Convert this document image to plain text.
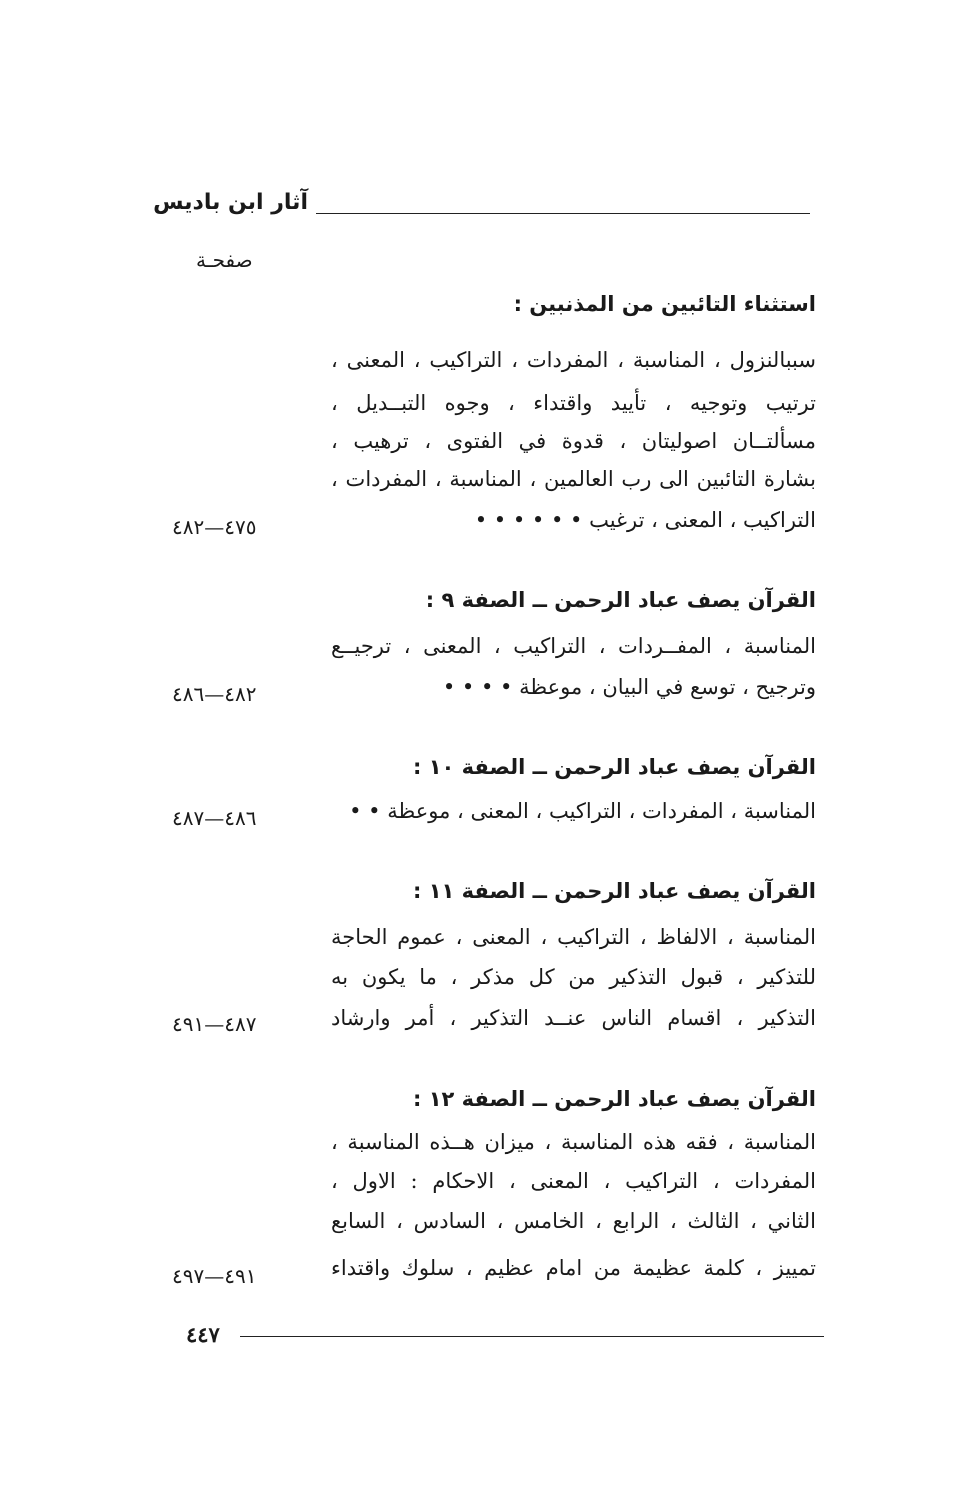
آثار ابن باديس
صفحـة
استثناء التائبين من المذنبين :
سببالنزول ، المناسبة ، المفردات ، التراكيب ، المعنى ،
ترتيب وتوجيه ، تأييد واقتداء ، وجوه التبــديل ،
مسألتــان اصوليتان ، قدوة في الفتوى ، ترهيب ،
بشارة التائبين الى رب العالمين ، المناسبة ، المفردات ،
التراكيب ، المعنى ، ترغيب • • • • • •
٤٧٥—٤٨٢
القرآن يصف عباد الرحمن ــ الصفة ٩ :
المناسبة ، المفــردات ، التراكيب ، المعنى ، ترجيــع
وترجيح ، توسع في البيان ، موعظة • • • •
٤٨٢—٤٨٦
القرآن يصف عباد الرحمن ــ الصفة ١٠ :
المناسبة ، المفردات ، التراكيب ، المعنى ، موعظة • •
٤٨٦—٤٨٧
القرآن يصف عباد الرحمن ــ الصفة ١١ :
المناسبة ، الالفاظ ، التراكيب ، المعنى ، عموم الحاجة
للتذكير ، قبول التذكير من كل مذكر ، ما يكون به
التذكير ، اقسام الناس عنــد التذكير ، أمر وارشاد
٤٨٧—٤٩١
القرآن يصف عباد الرحمن ــ الصفة ١٢ :
المناسبة ، فقه هذه المناسبة ، ميزان هــذه المناسبة ،
المفردات ، التراكيب ، المعنى ، الاحكام : الاول ،
الثاني ، الثالث ، الرابع ، الخامس ، السادس ، السابع
تمييز ، كلمة عظيمة من امام عظيم ، سلوك واقتداء
٤٩١—٤٩٧
٤٤٧
